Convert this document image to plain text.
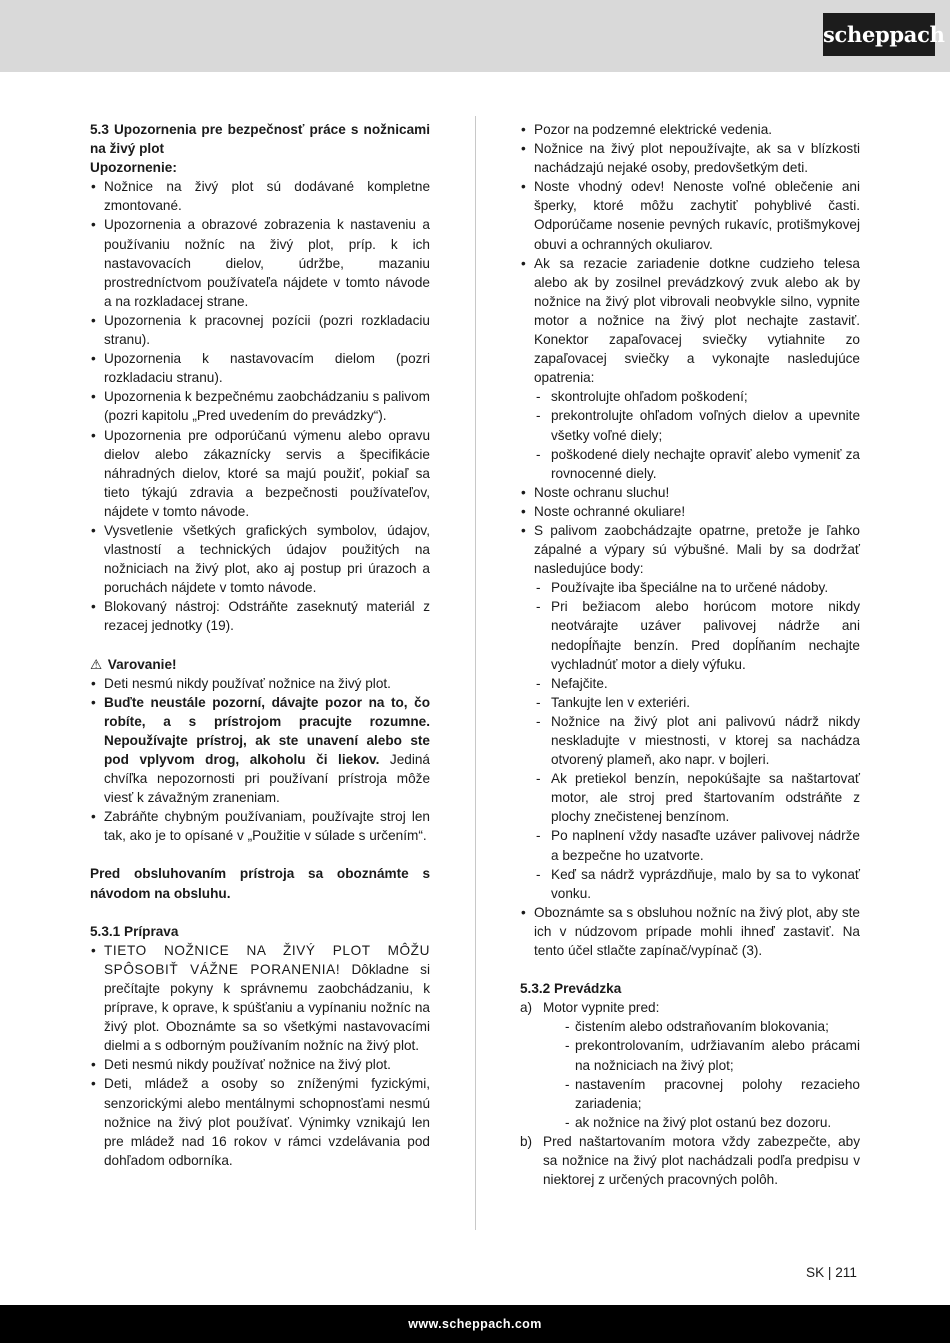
scheppach

5.3 Upozornenia pre bezpečnosť práce s nožnicami na živý plot

Upozornenie:

• Nožnice na živý plot sú dodávané kompletne zmontované.
• Upozornenia a obrazové zobrazenia k nastaveniu a používaniu nožníc na živý plot, príp. k ich nastavovacích dielov, údržbe, mazaniu prostredníctvom používateľa nájdete v tomto návode a na rozkladacej strane.
• Upozornenia k pracovnej pozícii (pozri rozkladaciu stranu).
• Upozornenia k nastavovacím dielom (pozri rozkladaciu stranu).
• Upozornenia k bezpečnému zaobchádzaniu s palivom (pozri kapitolu „Pred uvedením do prevádzky“).
• Upozornenia pre odporúčanú výmenu alebo opravu dielov alebo zákaznícky servis a špecifikácie náhradných dielov, ktoré sa majú použiť, pokiaľ sa tieto týkajú zdravia a bezpečnosti používateľov, nájdete v tomto návode.
• Vysvetlenie všetkých grafických symbolov, údajov, vlastností a technických údajov použitých na nožniciach na živý plot, ako aj postup pri úrazoch a poruchách nájdete v tomto návode.
• Blokovaný nástroj: Odstráňte zaseknutý materiál z rezacej jednotky (19).

⚠ Varovanie!

• Deti nesmú nikdy používať nožnice na živý plot.
• Buďte neustále pozorní, dávajte pozor na to, čo robíte, a s prístrojom pracujte rozumne. Nepoužívajte prístroj, ak ste unavení alebo ste pod vplyvom drog, alkoholu či liekov. Jediná chvíľka nepozornosti pri používaní prístroja môže viesť k závažným zraneniam.
• Zabráňte chybným používaniam, používajte stroj len tak, ako je to opísané v „Použitie v súlade s určením“.

Pred obsluhovaním prístroja sa oboznámte s návodom na obsluhu.

5.3.1 Príprava

• TIETO NOŽNICE NA ŽIVÝ PLOT MÔŽU SPÔSOBIŤ VÁŽNE PORANENIA! Dôkladne si prečítajte pokyny k správnemu zaobchádzaniu, k príprave, k oprave, k spúšťaniu a vypínaniu nožníc na živý plot. Oboznámte sa so všetkými nastavovacími dielmi a s odborným používaním nožníc na živý plot.
• Deti nesmú nikdy používať nožnice na živý plot.
• Deti, mládež a osoby so zníženými fyzickými, senzorickými alebo mentálnymi schopnosťami nesmú nožnice na živý plot používať. Výnimky vznikajú len pre mládež nad 16 rokov v rámci vzdelávania pod dohľadom odborníka.
• Pozor na podzemné elektrické vedenia.
• Nožnice na živý plot nepoužívajte, ak sa v blízkosti nachádzajú nejaké osoby, predovšetkým deti.
• Noste vhodný odev! Nenoste voľné oblečenie ani šperky, ktoré môžu zachytiť pohyblivé časti. Odporúčame nosenie pevných rukavíc, protišmykovej obuvi a ochranných okuliarov.
• Ak sa rezacie zariadenie dotkne cudzieho telesa alebo ak by zosilnel prevádzkový zvuk alebo ak by nožnice na živý plot vibrovali neobvykle silno, vypnite motor a nožnice na živý plot nechajte zastaviť. Konektor zapaľovacej sviečky vytiahnite zo zapaľovacej sviečky a vykonajte nasledujúce opatrenia:
- skontrolujte ohľadom poškodení;
- prekontrolujte ohľadom voľných dielov a upevnite všetky voľné diely;
- poškodené diely nechajte opraviť alebo vymeniť za rovnocenné diely.
• Noste ochranu sluchu!
• Noste ochranné okuliare!
• S palivom zaobchádzajte opatrne, pretože je ľahko zápalné a výpary sú výbušné. Mali by sa dodržať nasledujúce body:
- Používajte iba špeciálne na to určené nádoby.
- Pri bežiacom alebo horúcom motore nikdy neotvárajte uzáver palivovej nádrže ani nedopĺňajte benzín. Pred dopĺňaním nechajte vychladnúť motor a diely výfuku.
- Nefajčite.
- Tankujte len v exteriéri.
- Nožnice na živý plot ani palivovú nádrž nikdy neskladujte v miestnosti, v ktorej sa nachádza otvorený plameň, ako napr. v bojleri.
- Ak pretiekol benzín, nepokúšajte sa naštartovať motor, ale stroj pred štartovaním odstráňte z plochy znečistenej benzínom.
- Po naplnení vždy nasaďte uzáver palivovej nádrže a bezpečne ho uzatvorte.
- Keď sa nádrž vyprázdňuje, malo by sa to vykonať vonku.
• Oboznámte sa s obsluhou nožníc na živý plot, aby ste ich v núdzovom prípade mohli ihneď zastaviť. Na tento účel stlačte zapínač/vypínač (3).

5.3.2 Prevádzka

a) Motor vypnite pred:
- čistením alebo odstraňovaním blokovania;
- prekontrolovaním, udržiavaním alebo prácami na nožniciach na živý plot;
- nastavením pracovnej polohy rezacieho zariadenia;
- ak nožnice na živý plot ostanú bez dozoru.
b) Pred naštartovaním motora vždy zabezpečte, aby sa nožnice na živý plot nachádzali podľa predpisu v niektorej z určených pracovných polôh.

SK | 211
www.scheppach.com
